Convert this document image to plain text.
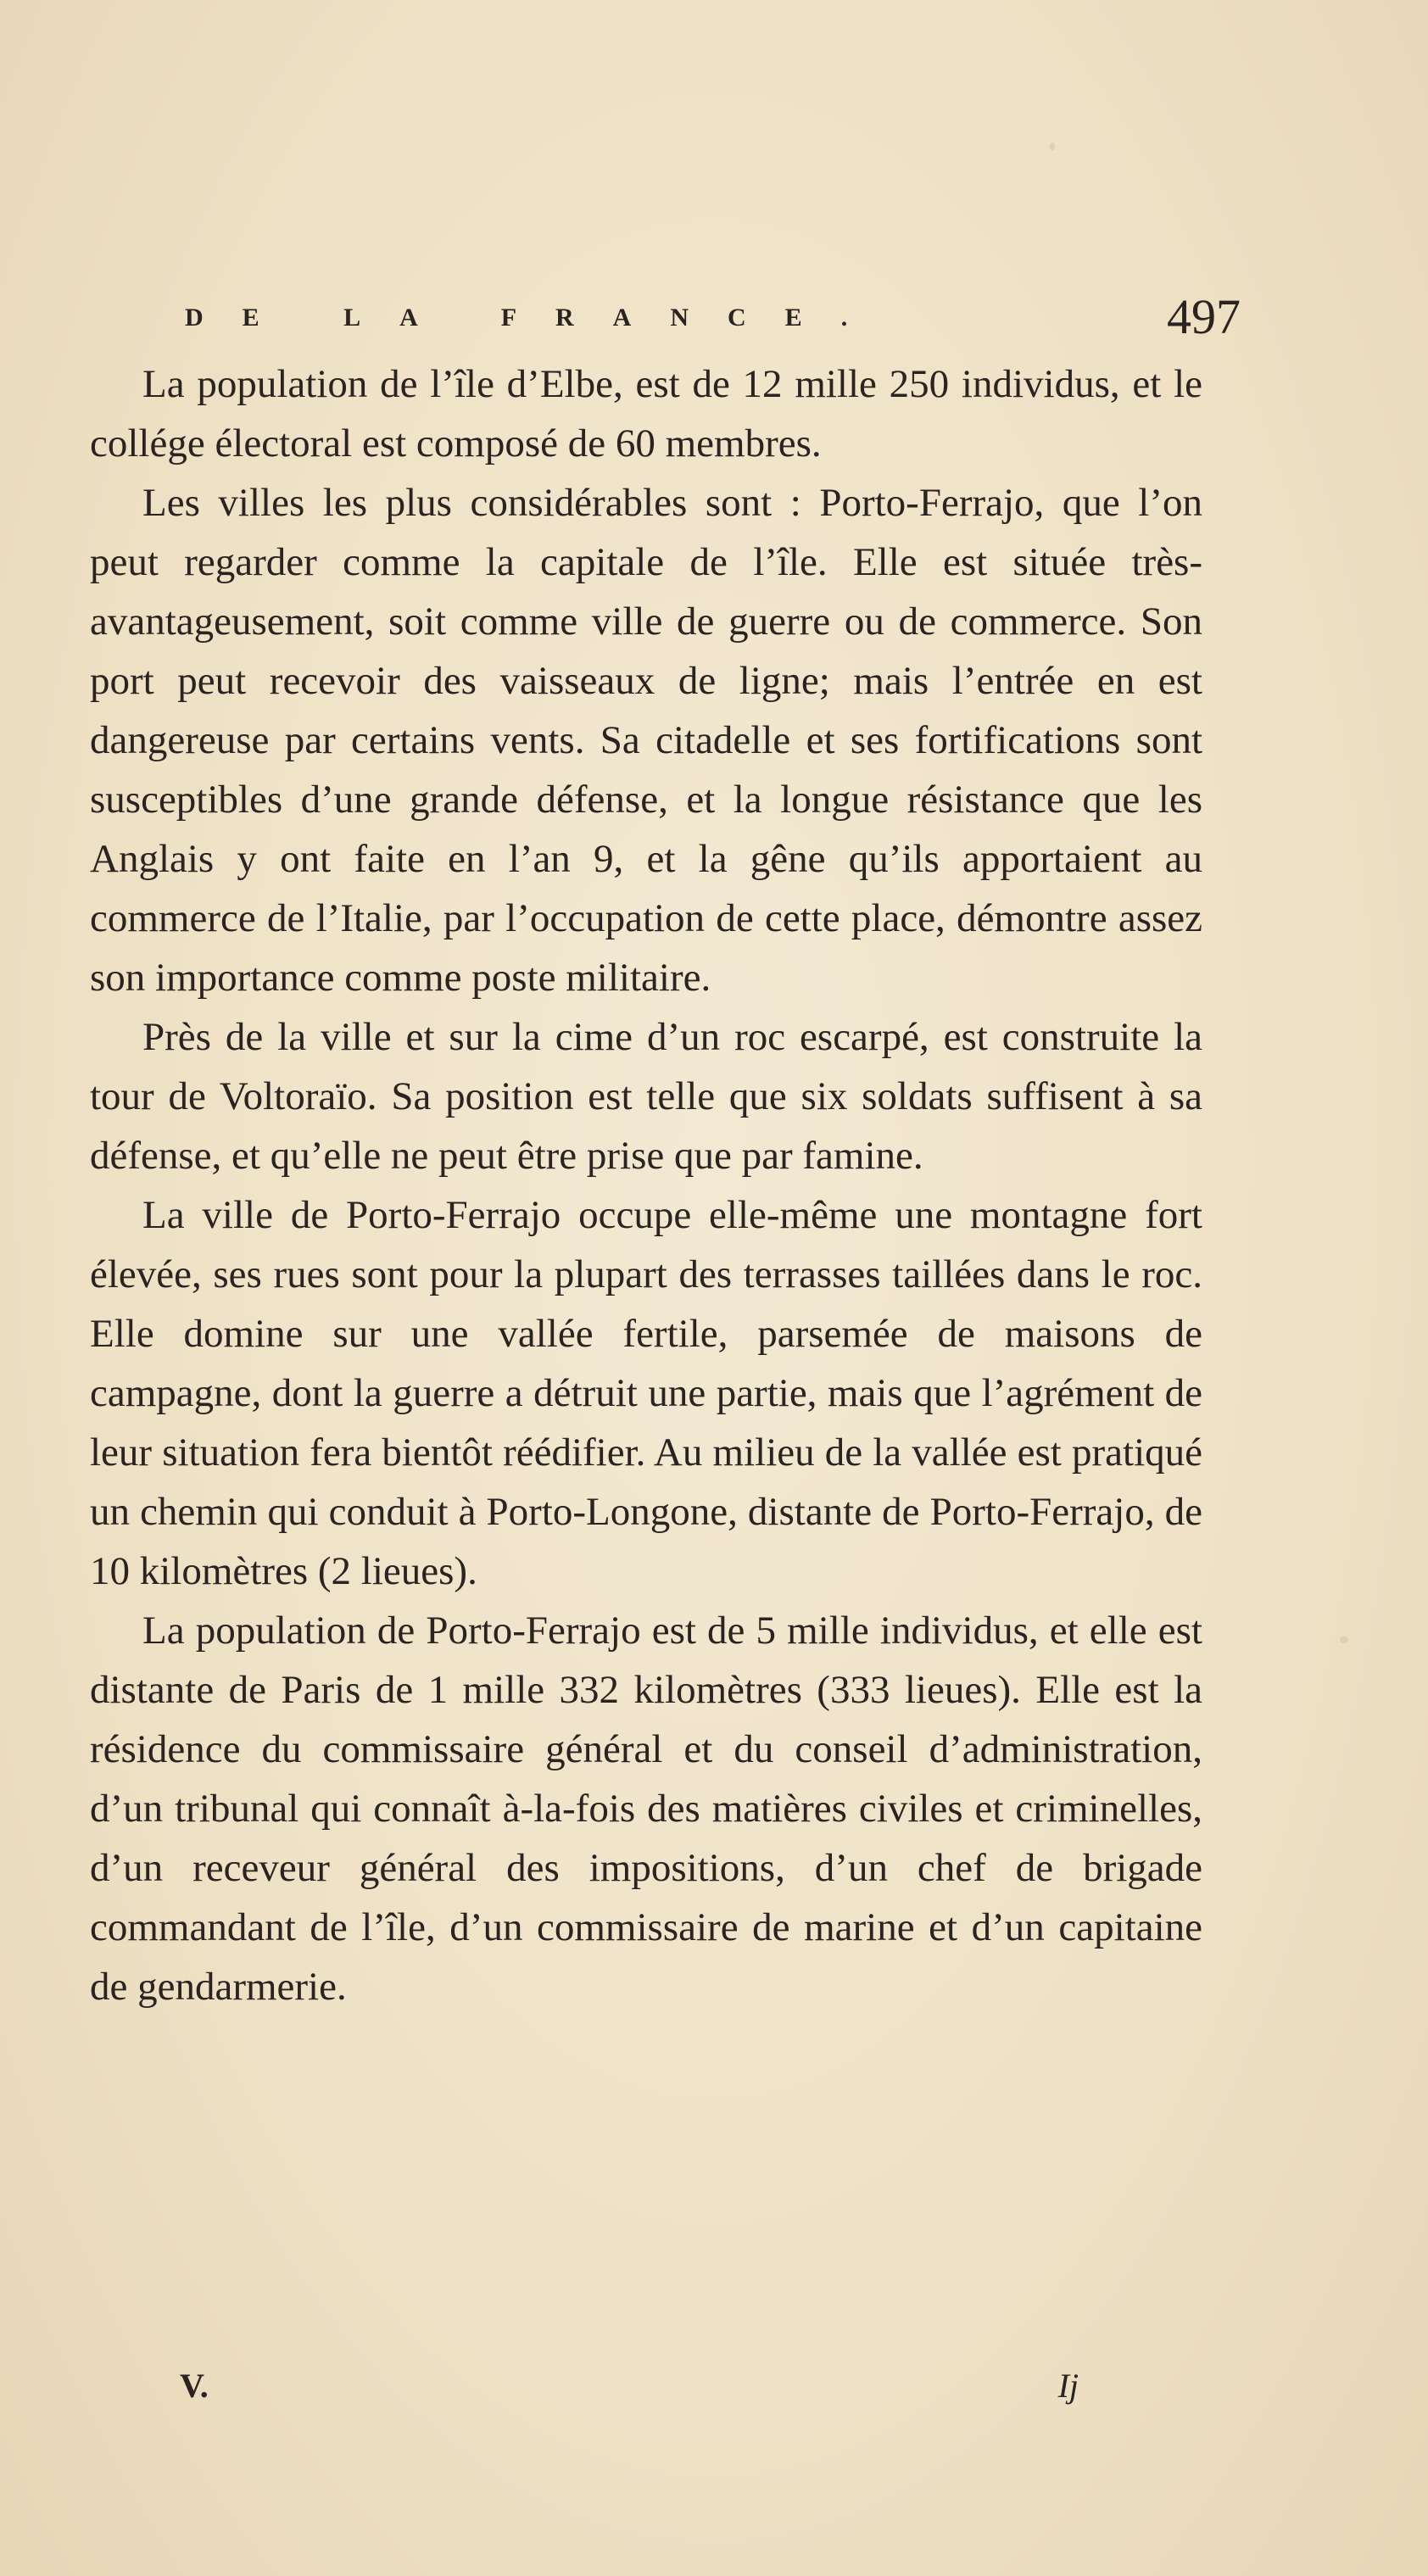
DE LA FRANCE.	497

La population de l’île d’Elbe, est de 12 mille 250 individus, et le collége électoral est composé de 60 membres.

Les villes les plus considérables sont : Porto-Ferrajo, que l’on peut regarder comme la capitale de l’île. Elle est située très-avantageusement, soit comme ville de guerre ou de commerce. Son port peut recevoir des vaisseaux de ligne; mais l’entrée en est dangereuse par certains vents. Sa citadelle et ses fortifications sont susceptibles d’une grande défense, et la longue résistance que les Anglais y ont faite en l’an 9, et la gêne qu’ils apportaient au commerce de l’Italie, par l’occupation de cette place, démontre assez son importance comme poste militaire.

Près de la ville et sur la cime d’un roc escarpé, est construite la tour de Voltoraïo. Sa position est telle que six soldats suffisent à sa défense, et qu’elle ne peut être prise que par famine.

La ville de Porto-Ferrajo occupe elle-même une montagne fort élevée, ses rues sont pour la plupart des terrasses taillées dans le roc. Elle domine sur une vallée fertile, parsemée de maisons de campagne, dont la guerre a détruit une partie, mais que l’agrément de leur situation fera bientôt réédifier. Au milieu de la vallée est pratiqué un chemin qui conduit à Porto-Longone, distante de Porto-Ferrajo, de 10 kilomètres (2 lieues).

La population de Porto-Ferrajo est de 5 mille individus, et elle est distante de Paris de 1 mille 332 kilomètres (333 lieues). Elle est la résidence du commissaire général et du conseil d’administration, d’un tribunal qui connaît à-la-fois des matières civiles et criminelles, d’un receveur général des impositions, d’un chef de brigade commandant de l’île, d’un commissaire de marine et d’un capitaine de gendarmerie.

V.	Ij
